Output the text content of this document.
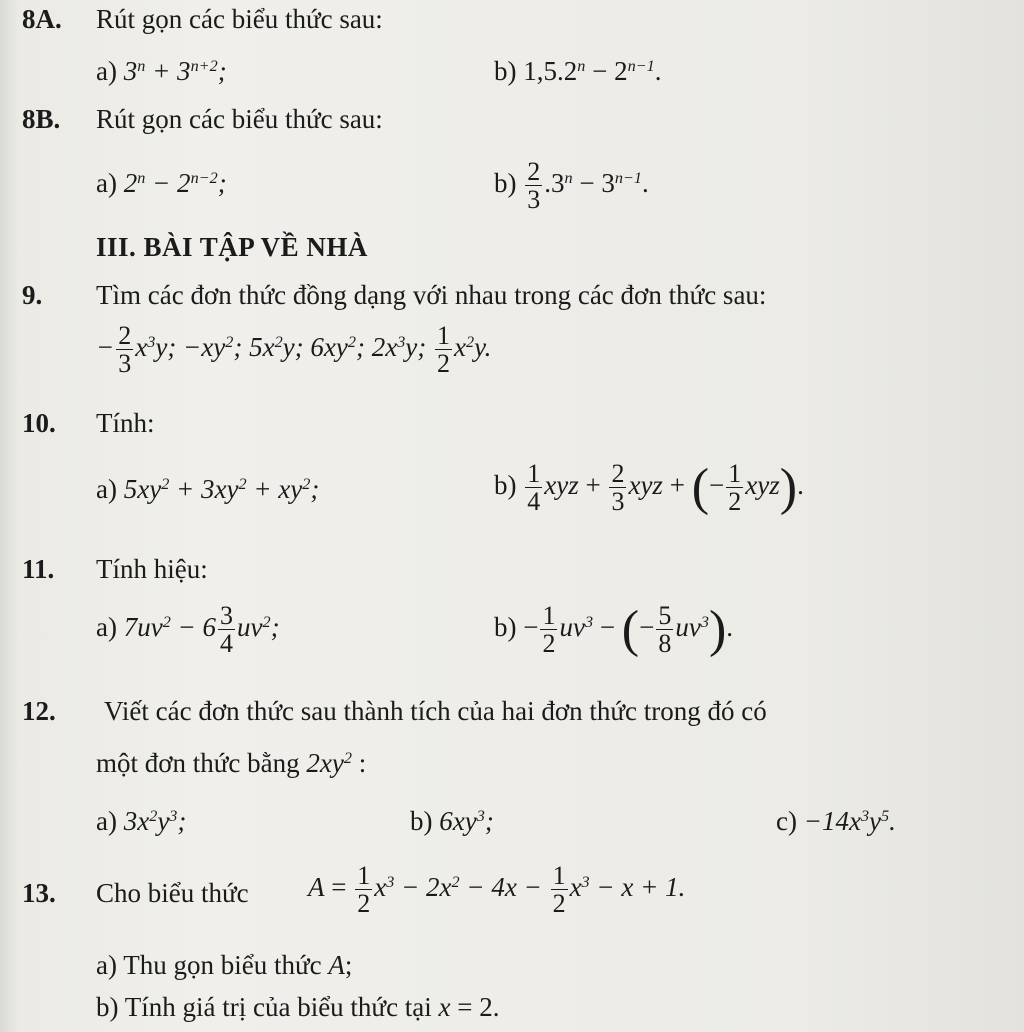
8A. Rút gọn các biểu thức sau:
a) $3^n + 3^{n+2}$;	b) $1,5.2^n - 2^{n-1}$.
8B. Rút gọn các biểu thức sau:
a) $2^n - 2^{n-2}$;	$b) \frac{2}{3} .3^n - 3^{n-1}$.
III. BÀI TẬP VỀ NHÀ
9. Tìm các đơn thức đồng dạng với nhau trong các đơn thức sau:
− $\frac{2}{3} x^3y$; $-xy^2$; $5x^2y$; $6xy^2$; $2x^3y$; $\frac{1}{2} x^2y$.
10. Tính:
a) $5xy^2 + 3xy^2 + xy^2$;	$b) \frac{1}{4}$ xyz + $\frac{2}{3}$ xyz + (− $\frac{1}{2} xyz$).
11. Tính hiệu:
a) $7uv^2 - 6 \frac{3}{4} uv^2$;	$b) - \frac{1}{2} uv^3$ − (− $\frac{5}{8} uv^3$).
12. Viết các đơn thức sau thành tích của hai đơn thức trong đó có
một đơn thức bằng $2xy^2$ :
a) $3x^2y^3$;	b) $6xy^3$;	$c) -14x^3y^5$.
13. Cho biểu thức $A = \frac{1}{2} x^3 - 2x^2 - 4x - \frac{1}{2} x^3 - x + 1$.
a) Thu gọn biểu thức A;
b) Tính giá trị của biểu thức tại x = 2.
